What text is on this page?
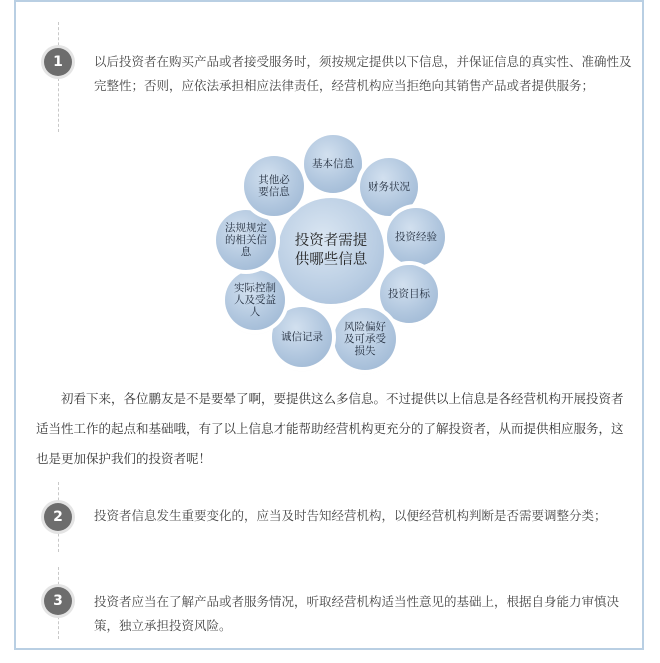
1	以后投资者在购买产品或者接受服务时，须按规定提供以下信息，并保证信息的真实性、准确性及完整性；否则，应依法承担相应法律责任，经营机构应当拒绝向其销售产品或者提供服务；
投资者需提供哪些信息
基本信息
财务状况
投资经验
投资目标
风险偏好及可承受损失
诚信记录
实际控制人及受益人
法规规定的相关信息
其他必要信息
初看下来，各位鹏友是不是要晕了啊，要提供这么多信息。不过提供以上信息是各经营机构开展投资者适当性工作的起点和基础哦，有了以上信息才能帮助经营机构更充分的了解投资者，从而提供相应服务，这也是更加保护我们的投资者呢！
2	投资者信息发生重要变化的，应当及时告知经营机构，以便经营机构判断是否需要调整分类；
3	投资者应当在了解产品或者服务情况，听取经营机构适当性意见的基础上，根据自身能力审慎决策，独立承担投资风险。
